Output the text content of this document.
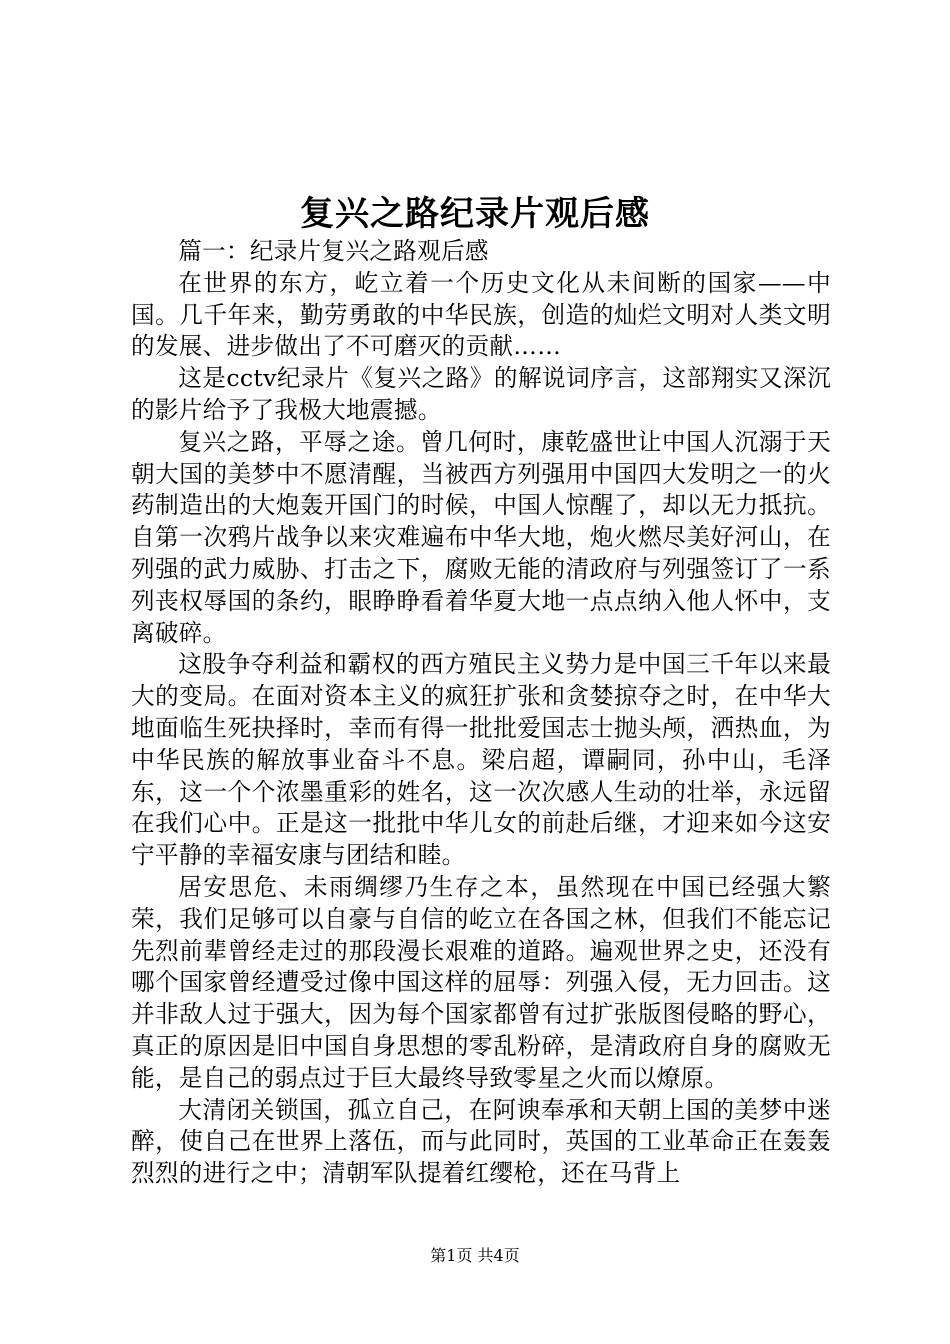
复兴之路纪录片观后感

篇一：纪录片复兴之路观后感

在世界的东方，屹立着一个历史文化从未间断的国家——中国。几千年来，勤劳勇敢的中华民族，创造的灿烂文明对人类文明的发展、进步做出了不可磨灭的贡献……

这是cctv纪录片《复兴之路》的解说词序言，这部翔实又深沉的影片给予了我极大地震撼。

复兴之路，平辱之途。曾几何时，康乾盛世让中国人沉溺于天朝大国的美梦中不愿清醒，当被西方列强用中国四大发明之一的火药制造出的大炮轰开国门的时候，中国人惊醒了，却以无力抵抗。自第一次鸦片战争以来灾难遍布中华大地，炮火燃尽美好河山，在列强的武力威胁、打击之下，腐败无能的清政府与列强签订了一系列丧权辱国的条约，眼睁睁看着华夏大地一点点纳入他人怀中，支离破碎。

这股争夺利益和霸权的西方殖民主义势力是中国三千年以来最大的变局。在面对资本主义的疯狂扩张和贪婪掠夺之时，在中华大地面临生死抉择时，幸而有得一批批爱国志士抛头颅，洒热血，为中华民族的解放事业奋斗不息。梁启超，谭嗣同，孙中山，毛泽东，这一个个浓墨重彩的姓名，这一次次感人生动的壮举，永远留在我们心中。正是这一批批中华儿女的前赴后继，才迎来如今这安宁平静的幸福安康与团结和睦。

居安思危、未雨绸缪乃生存之本，虽然现在中国已经强大繁荣，我们足够可以自豪与自信的屹立在各国之林，但我们不能忘记先烈前辈曾经走过的那段漫长艰难的道路。遍观世界之史，还没有哪个国家曾经遭受过像中国这样的屈辱：列强入侵，无力回击。这并非敌人过于强大，因为每个国家都曾有过扩张版图侵略的野心，真正的原因是旧中国自身思想的零乱粉碎，是清政府自身的腐败无能，是自己的弱点过于巨大最终导致零星之火而以燎原。

大清闭关锁国，孤立自己，在阿谀奉承和天朝上国的美梦中迷醉，使自己在世界上落伍，而与此同时，英国的工业革命正在轰轰烈烈的进行之中；清朝军队提着红缨枪，还在马背上

第1页 共4页
